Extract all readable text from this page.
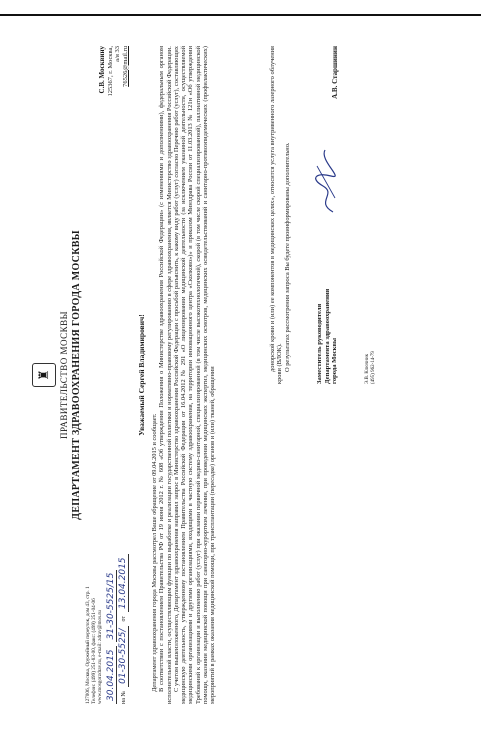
♜ ПРАВИТЕЛЬСТВО МОСКВЫ ДЕПАРТАМЕНТ ЗДРАВООХРАНЕНИЯ ГОРОДА МОСКВЫ
127006, Москва, Оружейный переулок, дом 43, стр. 1 Телефон: (499) 251-83-00, факс: (499) 251-04-06 www.mosgorzdrav.ru, e-mail: zdrav@mos.ru 30.04.2015
31-30-5525/15
на №
01-30-5525/
от
13.04.2015
С.В. Москвину 125367, г. Москва, а/я 33 76526@mail.ru
Уважаемый Сергей Владимирович!

Департамент здравоохранения города Москвы рассмотрел Ваше обращение от 09.04.2015 и сообщает. В соответствии с постановлением Правительства РФ от 19 июня 2012 г. № 608 «Об утверждении Положения о Министерстве здравоохранения Российской Федерации» (с изменениями и дополнениями), федеральным органом исполнительной власти, осуществляющим функции по выработке и реализации государственной политики и нормативно-правовому регулированию в сфере здравоохранения, является Министерство здравоохранения Российской Федерации. С учетом вышеизложенного, Департамент здравоохранения направил запрос в Министерство здравоохранения Российской Федерации с просьбой разъяснить, к какому виду работ (услуг) согласно Перечню работ (услуг), составляющих медицинскую деятельность, утвержденному постановлением Правительства Российской Федерации от 16.04.2012 № 291 «О лицензировании медицинской деятельности (за исключением указанной деятельности, осуществляемой медицинскими организациями и другими организациями, входящими в частную систему здравоохранения, на территории инновационного центра «Сколково»)» и приказом Минздрава России от 11.03.2013 № 121н «Об утверждении Требований к организации и выполнению работ (услуг) при оказании первичной медико-санитарной, специализированной (в том числе высокотехнологичной), скорой (в том числе скорой специализированной), паллиативной медицинской помощи, оказании медицинской помощи при санаторно-курортном лечении, при проведении медицинских экспертиз, медицинских осмотров, медицинских освидетельствований и санитарно-противоэпидемических (профилактических) мероприятий в рамках оказания медицинской помощи, при трансплантации (пересадке) органов и (или) тканей, обращении

донорской крови и (или) ее компонентов в медицинских целях», относится услуга внутривенного лазерного облучения крови (ВЛОК). О результатах рассмотрения запроса Вы будете проинформированы дополнительно.	Заместитель руководителя Департамента здравоохранения города Москвы
А.В. Старшинин
Э.В. Ключник (495) 962-14-79
